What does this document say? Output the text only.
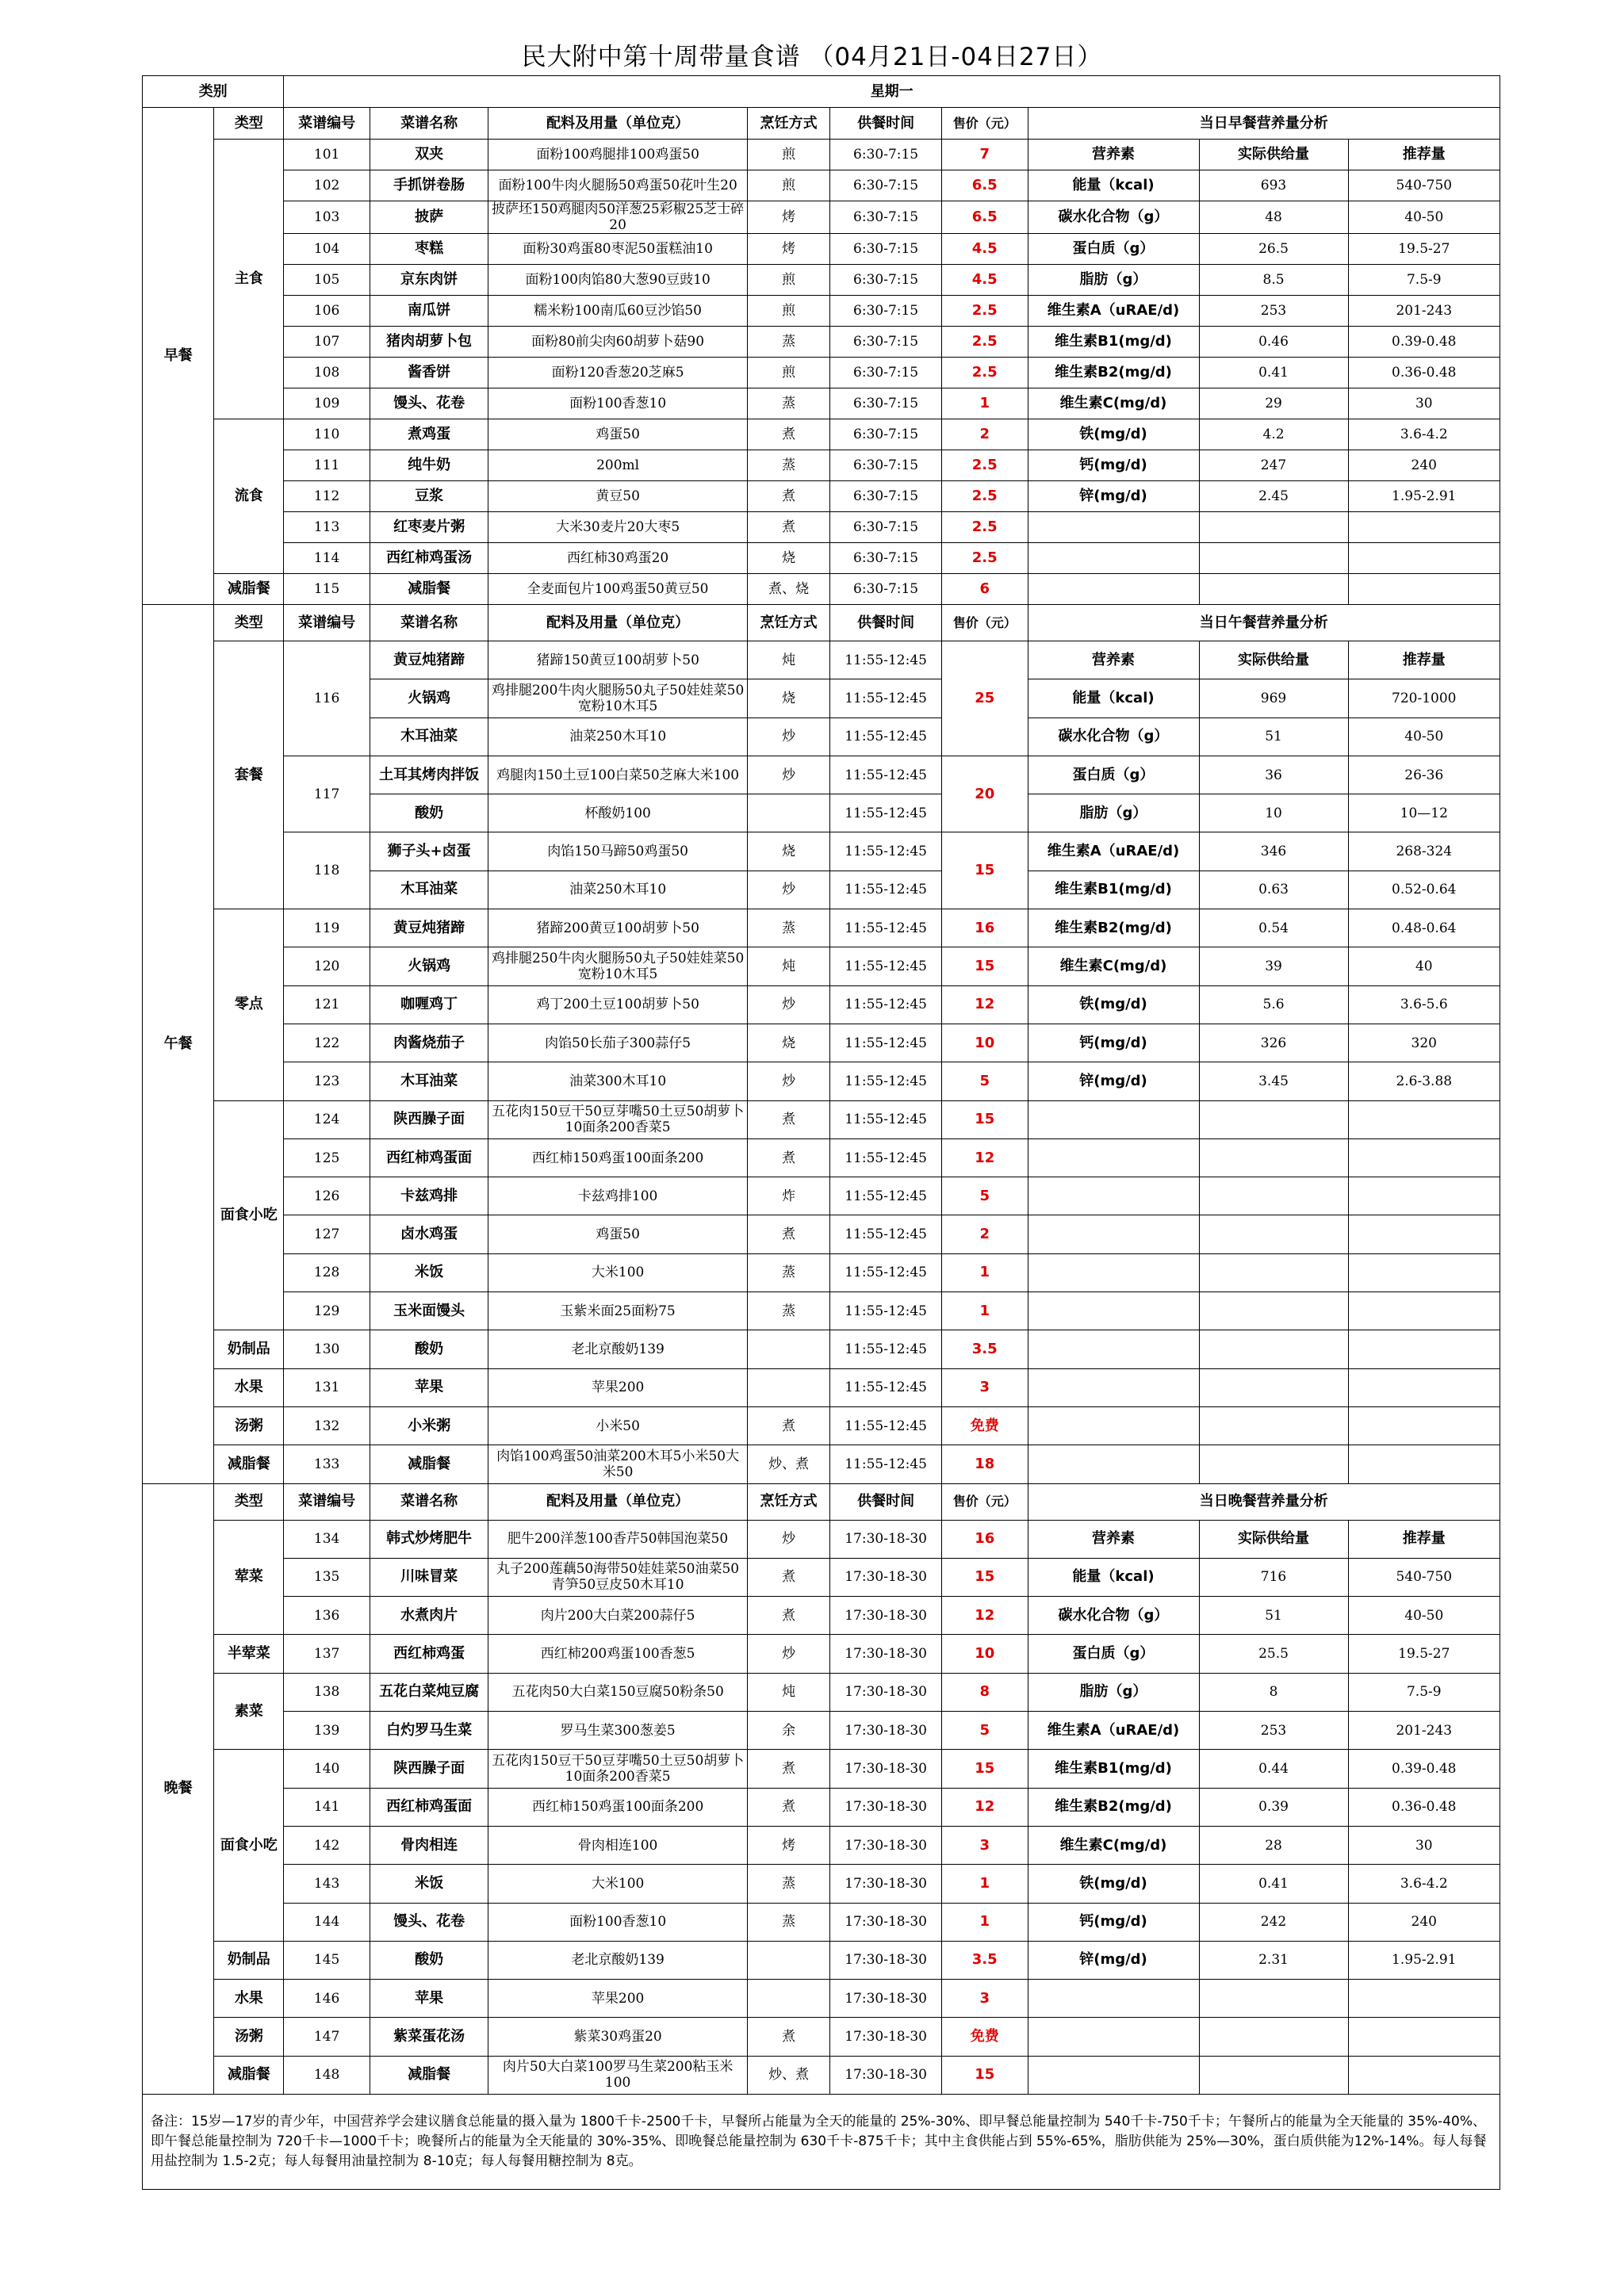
民大附中第十周带量食谱 （04月21日-04日27日）
类别		星期一								
早餐	类型	菜谱编号	菜谱名称	配料及用量（单位克）	烹饪方式	供餐时间	售价（元）	当日早餐营养量分析		
	主食	101	双夹	面粉100鸡腿排100鸡蛋50	煎	6:30-7:15	7	营养素	实际供给量	推荐量
		102	手抓饼卷肠	面粉100牛肉火腿肠50鸡蛋50花叶生20	煎	6:30-7:15	6.5	能量（kcal)	693	540-750
		103	披萨	披萨坯150鸡腿肉50洋葱25彩椒25芝士碎20	烤	6:30-7:15	6.5	碳水化合物（g）	48	40-50
		104	枣糕	面粉30鸡蛋80枣泥50蛋糕油10	烤	6:30-7:15	4.5	蛋白质（g）	26.5	19.5-27
		105	京东肉饼	面粉100肉馅80大葱90豆豉10	煎	6:30-7:15	4.5	脂肪（g）	8.5	7.5-9
		106	南瓜饼	糯米粉100南瓜60豆沙馅50	煎	6:30-7:15	2.5	维生素A（uRAE/d)	253	201-243
		107	猪肉胡萝卜包	面粉80前尖肉60胡萝卜菇90	蒸	6:30-7:15	2.5	维生素B1(mg/d)	0.46	0.39-0.48
		108	酱香饼	面粉120香葱20芝麻5	煎	6:30-7:15	2.5	维生素B2(mg/d)	0.41	0.36-0.48
		109	馒头、花卷	面粉100香葱10	蒸	6:30-7:15	1	维生素C(mg/d)	29	30
	流食	110	煮鸡蛋	鸡蛋50	煮	6:30-7:15	2	铁(mg/d)	4.2	3.6-4.2
		111	纯牛奶	200ml	蒸	6:30-7:15	2.5	钙(mg/d)	247	240
		112	豆浆	黄豆50	煮	6:30-7:15	2.5	锌(mg/d)	2.45	1.95-2.91
		113	红枣麦片粥	大米30麦片20大枣5	煮	6:30-7:15	2.5			
		114	西红柿鸡蛋汤	西红柿30鸡蛋20	烧	6:30-7:15	2.5			
	减脂餐	115	减脂餐	全麦面包片100鸡蛋50黄豆50	煮、烧	6:30-7:15	6			
午餐	类型	菜谱编号	菜谱名称	配料及用量（单位克）	烹饪方式	供餐时间	售价（元）	当日午餐营养量分析		
	套餐	116	黄豆炖猪蹄	猪蹄150黄豆100胡萝卜50	炖	11:55-12:45	25	营养素	实际供给量	推荐量
			火锅鸡	鸡排腿200牛肉火腿肠50丸子50娃娃菜50宽粉10木耳5	烧	11:55-12:45		能量（kcal)	969	720-1000
			木耳油菜	油菜250木耳10	炒	11:55-12:45		碳水化合物（g）	51	40-50
		117	土耳其烤肉拌饭	鸡腿肉150土豆100白菜50芝麻大米100	炒	11:55-12:45	20	蛋白质（g）	36	26-36
			酸奶	杯酸奶100		11:55-12:45		脂肪（g）	10	10—12
		118	狮子头+卤蛋	肉馅150马蹄50鸡蛋50	烧	11:55-12:45	15	维生素A（uRAE/d)	346	268-324
			木耳油菜	油菜250木耳10	炒	11:55-12:45		维生素B1(mg/d)	0.63	0.52-0.64
	零点	119	黄豆炖猪蹄	猪蹄200黄豆100胡萝卜50	蒸	11:55-12:45	16	维生素B2(mg/d)	0.54	0.48-0.64
		120	火锅鸡	鸡排腿250牛肉火腿肠50丸子50娃娃菜50宽粉10木耳5	炖	11:55-12:45	15	维生素C(mg/d)	39	40
		121	咖喱鸡丁	鸡丁200土豆100胡萝卜50	炒	11:55-12:45	12	铁(mg/d)	5.6	3.6-5.6
		122	肉酱烧茄子	肉馅50长茄子300蒜仔5	烧	11:55-12:45	10	钙(mg/d)	326	320
		123	木耳油菜	油菜300木耳10	炒	11:55-12:45	5	锌(mg/d)	3.45	2.6-3.88
	面食小吃	124	陕西臊子面	五花肉150豆干50豆芽嘴50土豆50胡萝卜10面条200香菜5	煮	11:55-12:45	15			
		125	西红柿鸡蛋面	西红柿150鸡蛋100面条200	煮	11:55-12:45	12			
		126	卡兹鸡排	卡兹鸡排100	炸	11:55-12:45	5			
		127	卤水鸡蛋	鸡蛋50	煮	11:55-12:45	2			
		128	米饭	大米100	蒸	11:55-12:45	1			
		129	玉米面馒头	玉紫米面25面粉75	蒸	11:55-12:45	1			
	奶制品	130	酸奶	老北京酸奶139		11:55-12:45	3.5			
	水果	131	苹果	苹果200		11:55-12:45	3			
	汤粥	132	小米粥	小米50	煮	11:55-12:45	免费			
	减脂餐	133	减脂餐	肉馅100鸡蛋50油菜200木耳5小米50大米50	炒、煮	11:55-12:45	18			
晚餐	类型	菜谱编号	菜谱名称	配料及用量（单位克）	烹饪方式	供餐时间	售价（元）	当日晚餐营养量分析		
	荤菜	134	韩式炒烤肥牛	肥牛200洋葱100香芹50韩国泡菜50	炒	17:30-18-30	16	营养素	实际供给量	推荐量
		135	川味冒菜	丸子200莲藕50海带50娃娃菜50油菜50青笋50豆皮50木耳10	煮	17:30-18-30	15	能量（kcal)	716	540-750
		136	水煮肉片	肉片200大白菜200蒜仔5	煮	17:30-18-30	12	碳水化合物（g）	51	40-50
	半荤菜	137	西红柿鸡蛋	西红柿200鸡蛋100香葱5	炒	17:30-18-30	10	蛋白质（g）	25.5	19.5-27
	素菜	138	五花白菜炖豆腐	五花肉50大白菜150豆腐50粉条50	炖	17:30-18-30	8	脂肪（g）	8	7.5-9
		139	白灼罗马生菜	罗马生菜300葱姜5	余	17:30-18-30	5	维生素A（uRAE/d)	253	201-243
	面食小吃	140	陕西臊子面	五花肉150豆干50豆芽嘴50土豆50胡萝卜10面条200香菜5	煮	17:30-18-30	15	维生素B1(mg/d)	0.44	0.39-0.48
		141	西红柿鸡蛋面	西红柿150鸡蛋100面条200	煮	17:30-18-30	12	维生素B2(mg/d)	0.39	0.36-0.48
		142	骨肉相连	骨肉相连100	烤	17:30-18-30	3	维生素C(mg/d)	28	30
		143	米饭	大米100	蒸	17:30-18-30	1	铁(mg/d)	0.41	3.6-4.2
		144	馒头、花卷	面粉100香葱10	蒸	17:30-18-30	1	钙(mg/d)	242	240
	奶制品	145	酸奶	老北京酸奶139		17:30-18-30	3.5	锌(mg/d)	2.31	1.95-2.91
	水果	146	苹果	苹果200		17:30-18-30	3			
	汤粥	147	紫菜蛋花汤	紫菜30鸡蛋20	煮	17:30-18-30	免费			
	减脂餐	148	减脂餐	肉片50大白菜100罗马生菜200粘玉米100	炒、煮	17:30-18-30	15			
备注：15岁—17岁的青少年，中国营养学会建议膳食总能量的摄入量为 1800千卡-2500千卡，早餐所占能量为全天的能量的 25%-30%、即早餐总能量控制为 540千卡-750千卡；午餐所占的能量为全天能量的 35%-40%、即午餐总能量控制为 720千卡—1000千卡；晚餐所占的能量为全天能量的 30%-35%、即晚餐总能量控制为 630千卡-875千卡；其中主食供能占到 55%-65%，脂肪供能为 25%—30%，蛋白质供能为12%-14%。每人每餐用盐控制为 1.5-2克；每人每餐用油量控制为 8-10克；每人每餐用糖控制为 8克。										
